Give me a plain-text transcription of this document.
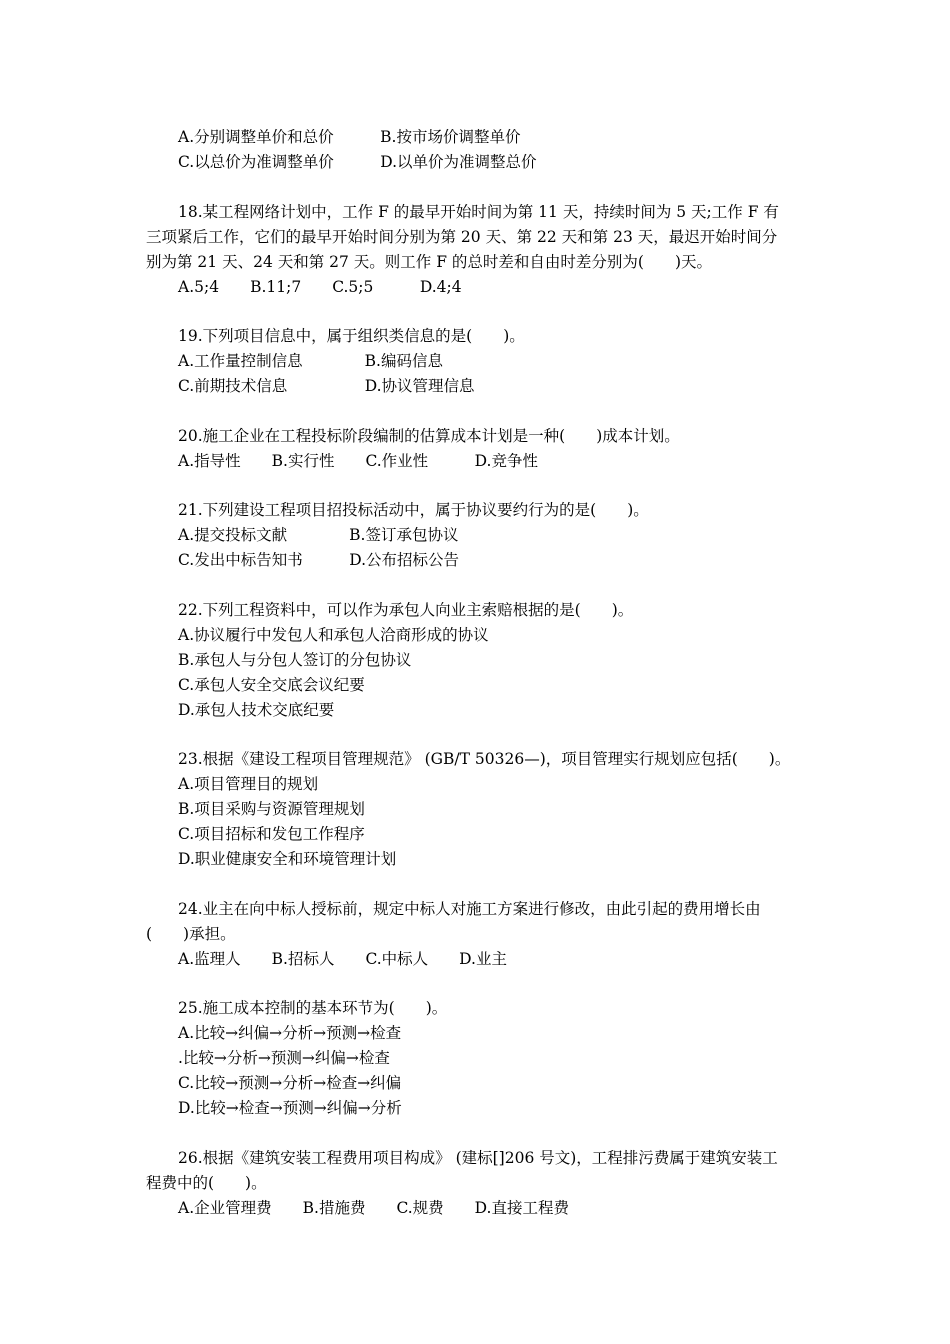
A.分别调整单价和总价　　　B.按市场价调整单价
C.以总价为准调整单价　　　D.以单价为准调整总价
18.某工程网络计划中，工作 F 的最早开始时间为第 11 天，持续时间为 5 天;工作 F 有
三项紧后工作，它们的最早开始时间分别为第 20 天、第 22 天和第 23 天，最迟开始时间分
别为第 21 天、24 天和第 27 天。则工作 F 的总时差和自由时差分别为(　　)天。
A.5;4　　B.11;7　　C.5;5　　　D.4;4
19.下列项目信息中，属于组织类信息的是(　　)。
A.工作量控制信息　　　　B.编码信息
C.前期技术信息　　　　　D.协议管理信息
20.施工企业在工程投标阶段编制的估算成本计划是一种(　　)成本计划。
A.指导性　　B.实行性　　C.作业性　　　D.竞争性
21.下列建设工程项目招投标活动中，属于协议要约行为的是(　　)。
A.提交投标文献　　　　B.签订承包协议
C.发出中标告知书　　　D.公布招标公告
22.下列工程资料中，可以作为承包人向业主索赔根据的是(　　)。
A.协议履行中发包人和承包人洽商形成的协议
B.承包人与分包人签订的分包协议
C.承包人安全交底会议纪要
D.承包人技术交底纪要
23.根据《建设工程项目管理规范》 (GB/T 50326—)，项目管理实行规划应包括(　　)。
A.项目管理目的规划
B.项目采购与资源管理规划
C.项目招标和发包工作程序
D.职业健康安全和环境管理计划
24.业主在向中标人授标前，规定中标人对施工方案进行修改，由此引起的费用增长由
(　　)承担。
A.监理人　　B.招标人　　C.中标人　　D.业主
25.施工成本控制的基本环节为(　　)。
A.比较→纠偏→分析→预测→检查
.比较→分析→预测→纠偏→检查
C.比较→预测→分析→检查→纠偏
D.比较→检查→预测→纠偏→分析
26.根据《建筑安装工程费用项目构成》 (建标[]206 号文)，工程排污费属于建筑安装工
程费中的(　　)。
A.企业管理费　　B.措施费　　C.规费　　D.直接工程费
